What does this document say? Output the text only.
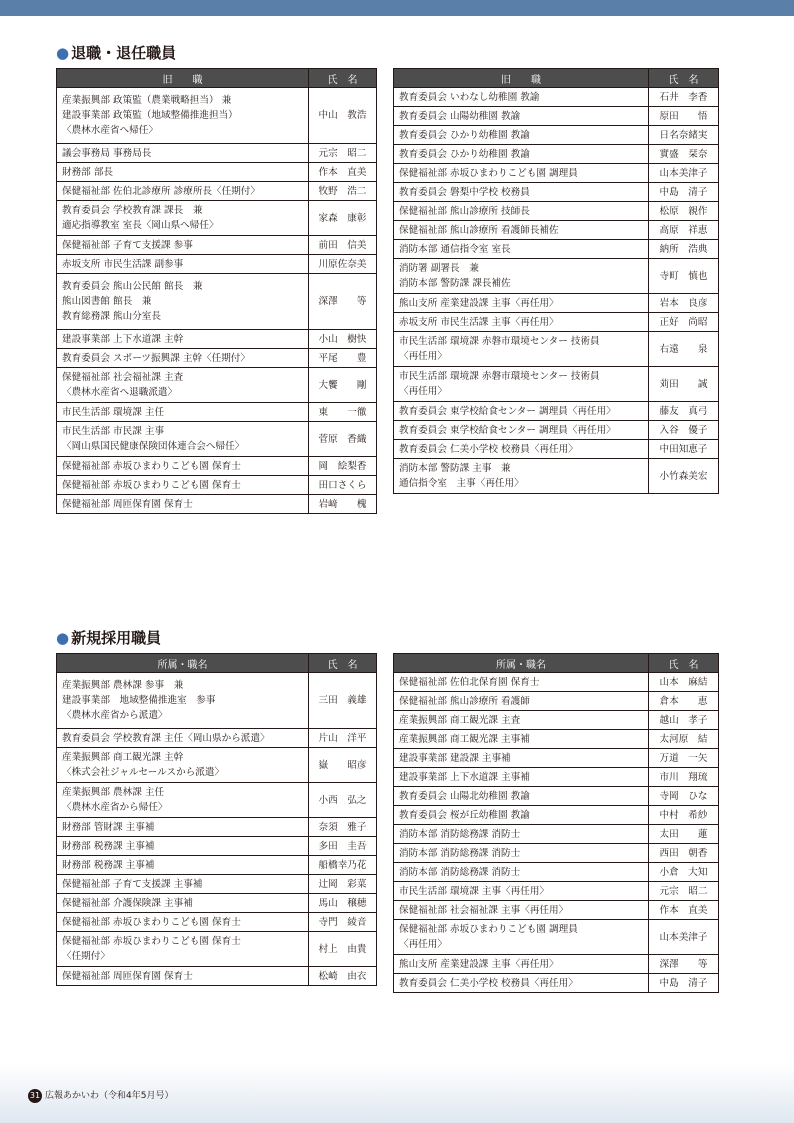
● 退職・退任職員
旧　　職	氏　名
産業振興部 政策監（農業戦略担当） 兼
建設事業部 政策監（地域整備推進担当）
〈農林水産省へ帰任〉	中山　教浩
議会事務局 事務局長	元宗　昭二
財務部 部長	作本　直美
保健福祉部 佐伯北診療所 診療所長〈任期付〉	牧野　浩二
教育委員会 学校教育課 課長　兼
適応指導教室 室長〈岡山県へ帰任〉	家森　康彰
保健福祉部 子育て支援課 参事	前田　信美
赤坂支所 市民生活課 副参事	川原佐奈美
教育委員会 熊山公民館 館長　兼
熊山図書館 館長　兼
教育総務課 熊山分室長	深澤　　等
建設事業部 上下水道課 主幹	小山　樹快
教育委員会 スポーツ振興課 主幹〈任期付〉	平尾　　豊
保健福祉部 社会福祉課 主査
〈農林水産省へ退職派遣〉	大饗　　剛
市民生活部 環境課 主任	東　　一徹
市民生活部 市民課 主事
〈岡山県国民健康保険団体連合会へ帰任〉	菅原　香織
保健福祉部 赤坂ひまわりこども園 保育士	岡　絵梨香
保健福祉部 赤坂ひまわりこども園 保育士	田口さくら
保健福祉部 周匝保育園 保育士	岩﨑　　槐
旧　　職	氏　名
教育委員会 いわなし幼稚園 教諭	石井　李香
教育委員会 山陽幼稚園 教諭	原田　　悟
教育委員会 ひかり幼稚園 教諭	日名奈緒実
教育委員会 ひかり幼稚園 教諭	實盛　栞奈
保健福祉部 赤坂ひまわりこども園 調理員	山本美津子
教育委員会 磐梨中学校 校務員	中島　清子
保健福祉部 熊山診療所 技師長	松原　親作
保健福祉部 熊山診療所 看護師長補佐	高原　祥恵
消防本部 通信指令室 室長	納所　浩典
消防署 副署長　兼
消防本部 警防課 課長補佐	寺町　慎也
熊山支所 産業建設課 主事〈再任用〉	岩本　良彦
赤坂支所 市民生活課 主事〈再任用〉	正好　尚昭
市民生活部 環境課 赤磐市環境センター 技術員
〈再任用〉	右遠　　泉
市民生活部 環境課 赤磐市環境センター 技術員
〈再任用〉	苅田　　誠
教育委員会 東学校給食センター 調理員〈再任用〉	藤友　真弓
教育委員会 東学校給食センター 調理員〈再任用〉	入谷　優子
教育委員会 仁美小学校 校務員〈再任用〉	中田知恵子
消防本部 警防課 主事　兼
通信指令室　主事〈再任用〉	小竹森美宏
● 新規採用職員
所属・職名	氏　名
産業振興部 農林課 参事　兼
建設事業部　地域整備推進室　参事
〈農林水産省から派遣〉	三田　義雄
教育委員会 学校教育課 主任〈岡山県から派遣〉	片山　洋平
産業振興部 商工観光課 主幹
〈株式会社ジャルセールスから派遣〉	嶽　　昭彦
産業振興部 農林課 主任
〈農林水産省から帰任〉	小西　弘之
財務部 管財課 主事補	奈須　雅子
財務部 税務課 主事補	多田　圭吾
財務部 税務課 主事補	船橋幸乃花
保健福祉部 子育て支援課 主事補	辻岡　彩菜
保健福祉部 介護保険課 主事補	馬山　穣穂
保健福祉部 赤坂ひまわりこども園 保育士	寺門　綾音
保健福祉部 赤坂ひまわりこども園 保育士
〈任期付〉	村上　由貴
保健福祉部 周匝保育園 保育士	松崎　由衣
所属・職名	氏　名
保健福祉部 佐伯北保育園 保育士	山本　麻結
保健福祉部 熊山診療所 看護師	倉本　　恵
産業振興部 商工観光課 主査	越山　孝子
産業振興部 商工観光課 主事補	太河原　結
建設事業部 建設課 主事補	万道　一矢
建設事業部 上下水道課 主事補	市川　翔琉
教育委員会 山陽北幼稚園 教諭	寺岡　ひな
教育委員会 桜が丘幼稚園 教諭	中村　希紗
消防本部 消防総務課 消防士	太田　　蓮
消防本部 消防総務課 消防士	西田　朝香
消防本部 消防総務課 消防士	小倉　大知
市民生活部 環境課 主事〈再任用〉	元宗　昭二
保健福祉部 社会福祉課 主事〈再任用〉	作本　直美
保健福祉部 赤坂ひまわりこども園 調理員
〈再任用〉	山本美津子
熊山支所 産業建設課 主事〈再任用〉	深澤　　等
教育委員会 仁美小学校 校務員〈再任用〉	中島　清子
31 広報あかいわ（令和4年5月号）
